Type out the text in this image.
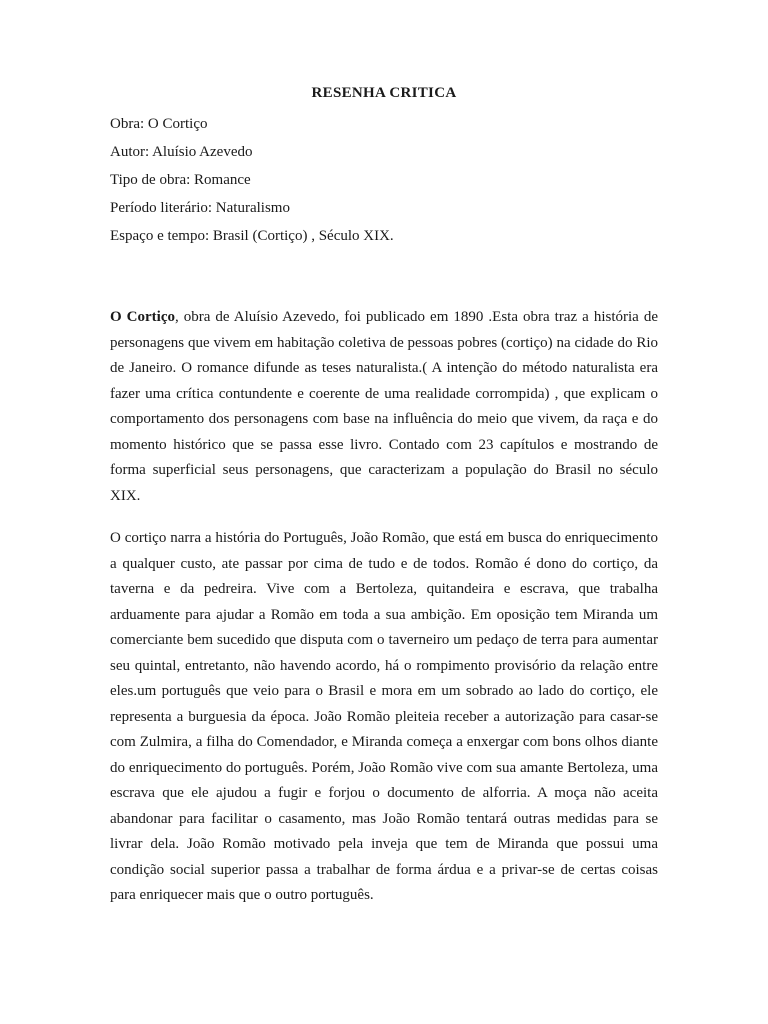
RESENHA CRITICA
Obra: O Cortiço
Autor: Aluísio Azevedo
Tipo de obra: Romance
Período literário: Naturalismo
Espaço e tempo: Brasil (Cortiço) , Século XIX.

O Cortiço, obra de Aluísio Azevedo, foi publicado em 1890 .Esta obra traz a história de personagens que vivem em habitação coletiva de pessoas pobres (cortiço) na cidade do Rio de Janeiro. O romance difunde as teses naturalista.( A intenção do método naturalista era fazer uma crítica contundente e coerente de uma realidade corrompida) , que explicam o comportamento dos personagens com base na influência do meio que vivem, da raça e do momento histórico que se passa esse livro. Contado com 23 capítulos e mostrando de forma superficial seus personagens, que caracterizam a população do Brasil no século XIX.

O cortiço narra a história do Português, João Romão, que está em busca do enriquecimento a qualquer custo, ate passar por cima de tudo e de todos. Romão é dono do cortiço, da taverna e da pedreira. Vive com a Bertoleza, quitandeira e escrava, que trabalha arduamente para ajudar a Romão em toda a sua ambição. Em oposição tem Miranda um comerciante bem sucedido que disputa com o taverneiro um pedaço de terra para aumentar seu quintal, entretanto, não havendo acordo, há o rompimento provisório da relação entre eles.um português que veio para o Brasil e mora em um sobrado ao lado do cortiço, ele representa a burguesia da época. João Romão pleiteia receber a autorização para casar-se com Zulmira, a filha do Comendador, e Miranda começa a enxergar com bons olhos diante do enriquecimento do português. Porém, João Romão vive com sua amante Bertoleza, uma escrava que ele ajudou a fugir e forjou o documento de alforria. A moça não aceita abandonar para facilitar o casamento, mas João Romão tentará outras medidas para se livrar dela. João Romão motivado pela inveja que tem de Miranda que possui uma condição social superior passa a trabalhar de forma árdua e a privar-se de certas coisas para enriquecer mais que o outro português.
